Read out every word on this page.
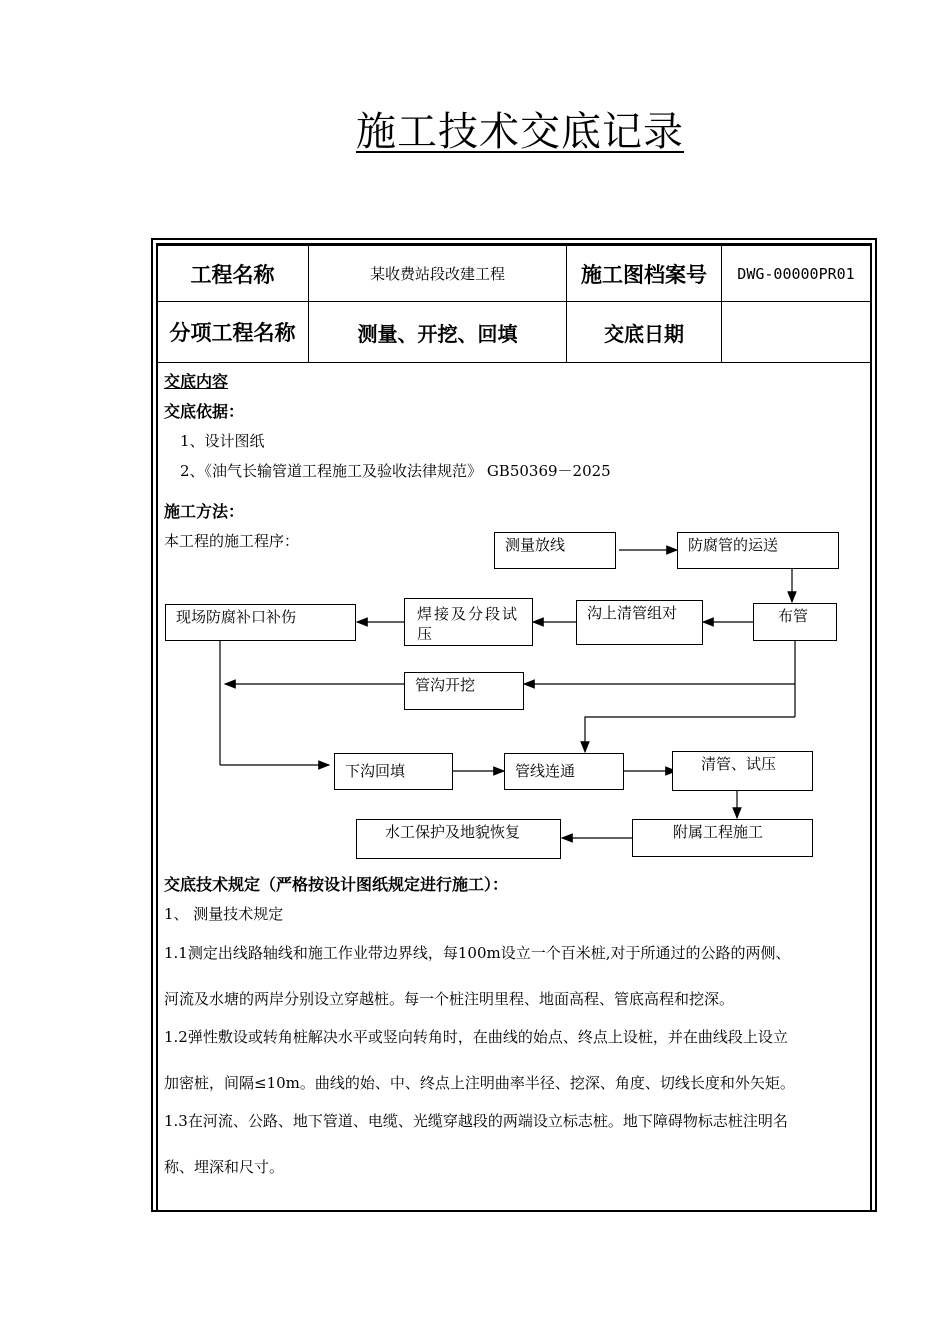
施工技术交底记录
工程名称	某收费站段改建工程	施工图档案号	DWG-00000PR01
分项工程名称	测量、开挖、回填	交底日期
交底内容
交底依据：
1、设计图纸
2、《油气长输管道工程施工及验收法律规范》 GB50369－2025
施工方法：
本工程的施工程序：	测量放线	防腐管的运送
现场防腐补口补伤	焊接及分段试压
沟上清管组对	布管
管沟开挖
下沟回填	管线连通	清管、试压
水工保护及地貌恢复	附属工程施工
交底技术规定（严格按设计图纸规定进行施工）：
1、 测量技术规定
1.1测定出线路轴线和施工作业带边界线，每100m设立一个百米桩,对于所通过的公路的两侧、
河流及水塘的两岸分别设立穿越桩。每一个桩注明里程、地面高程、管底高程和挖深。
1.2弹性敷设或转角桩解决水平或竖向转角时，在曲线的始点、终点上设桩，并在曲线段上设立
加密桩，间隔≤10m。曲线的始、中、终点上注明曲率半径、挖深、角度、切线长度和外矢矩。
1.3在河流、公路、地下管道、电缆、光缆穿越段的两端设立标志桩。地下障碍物标志桩注明名
称、埋深和尺寸。
